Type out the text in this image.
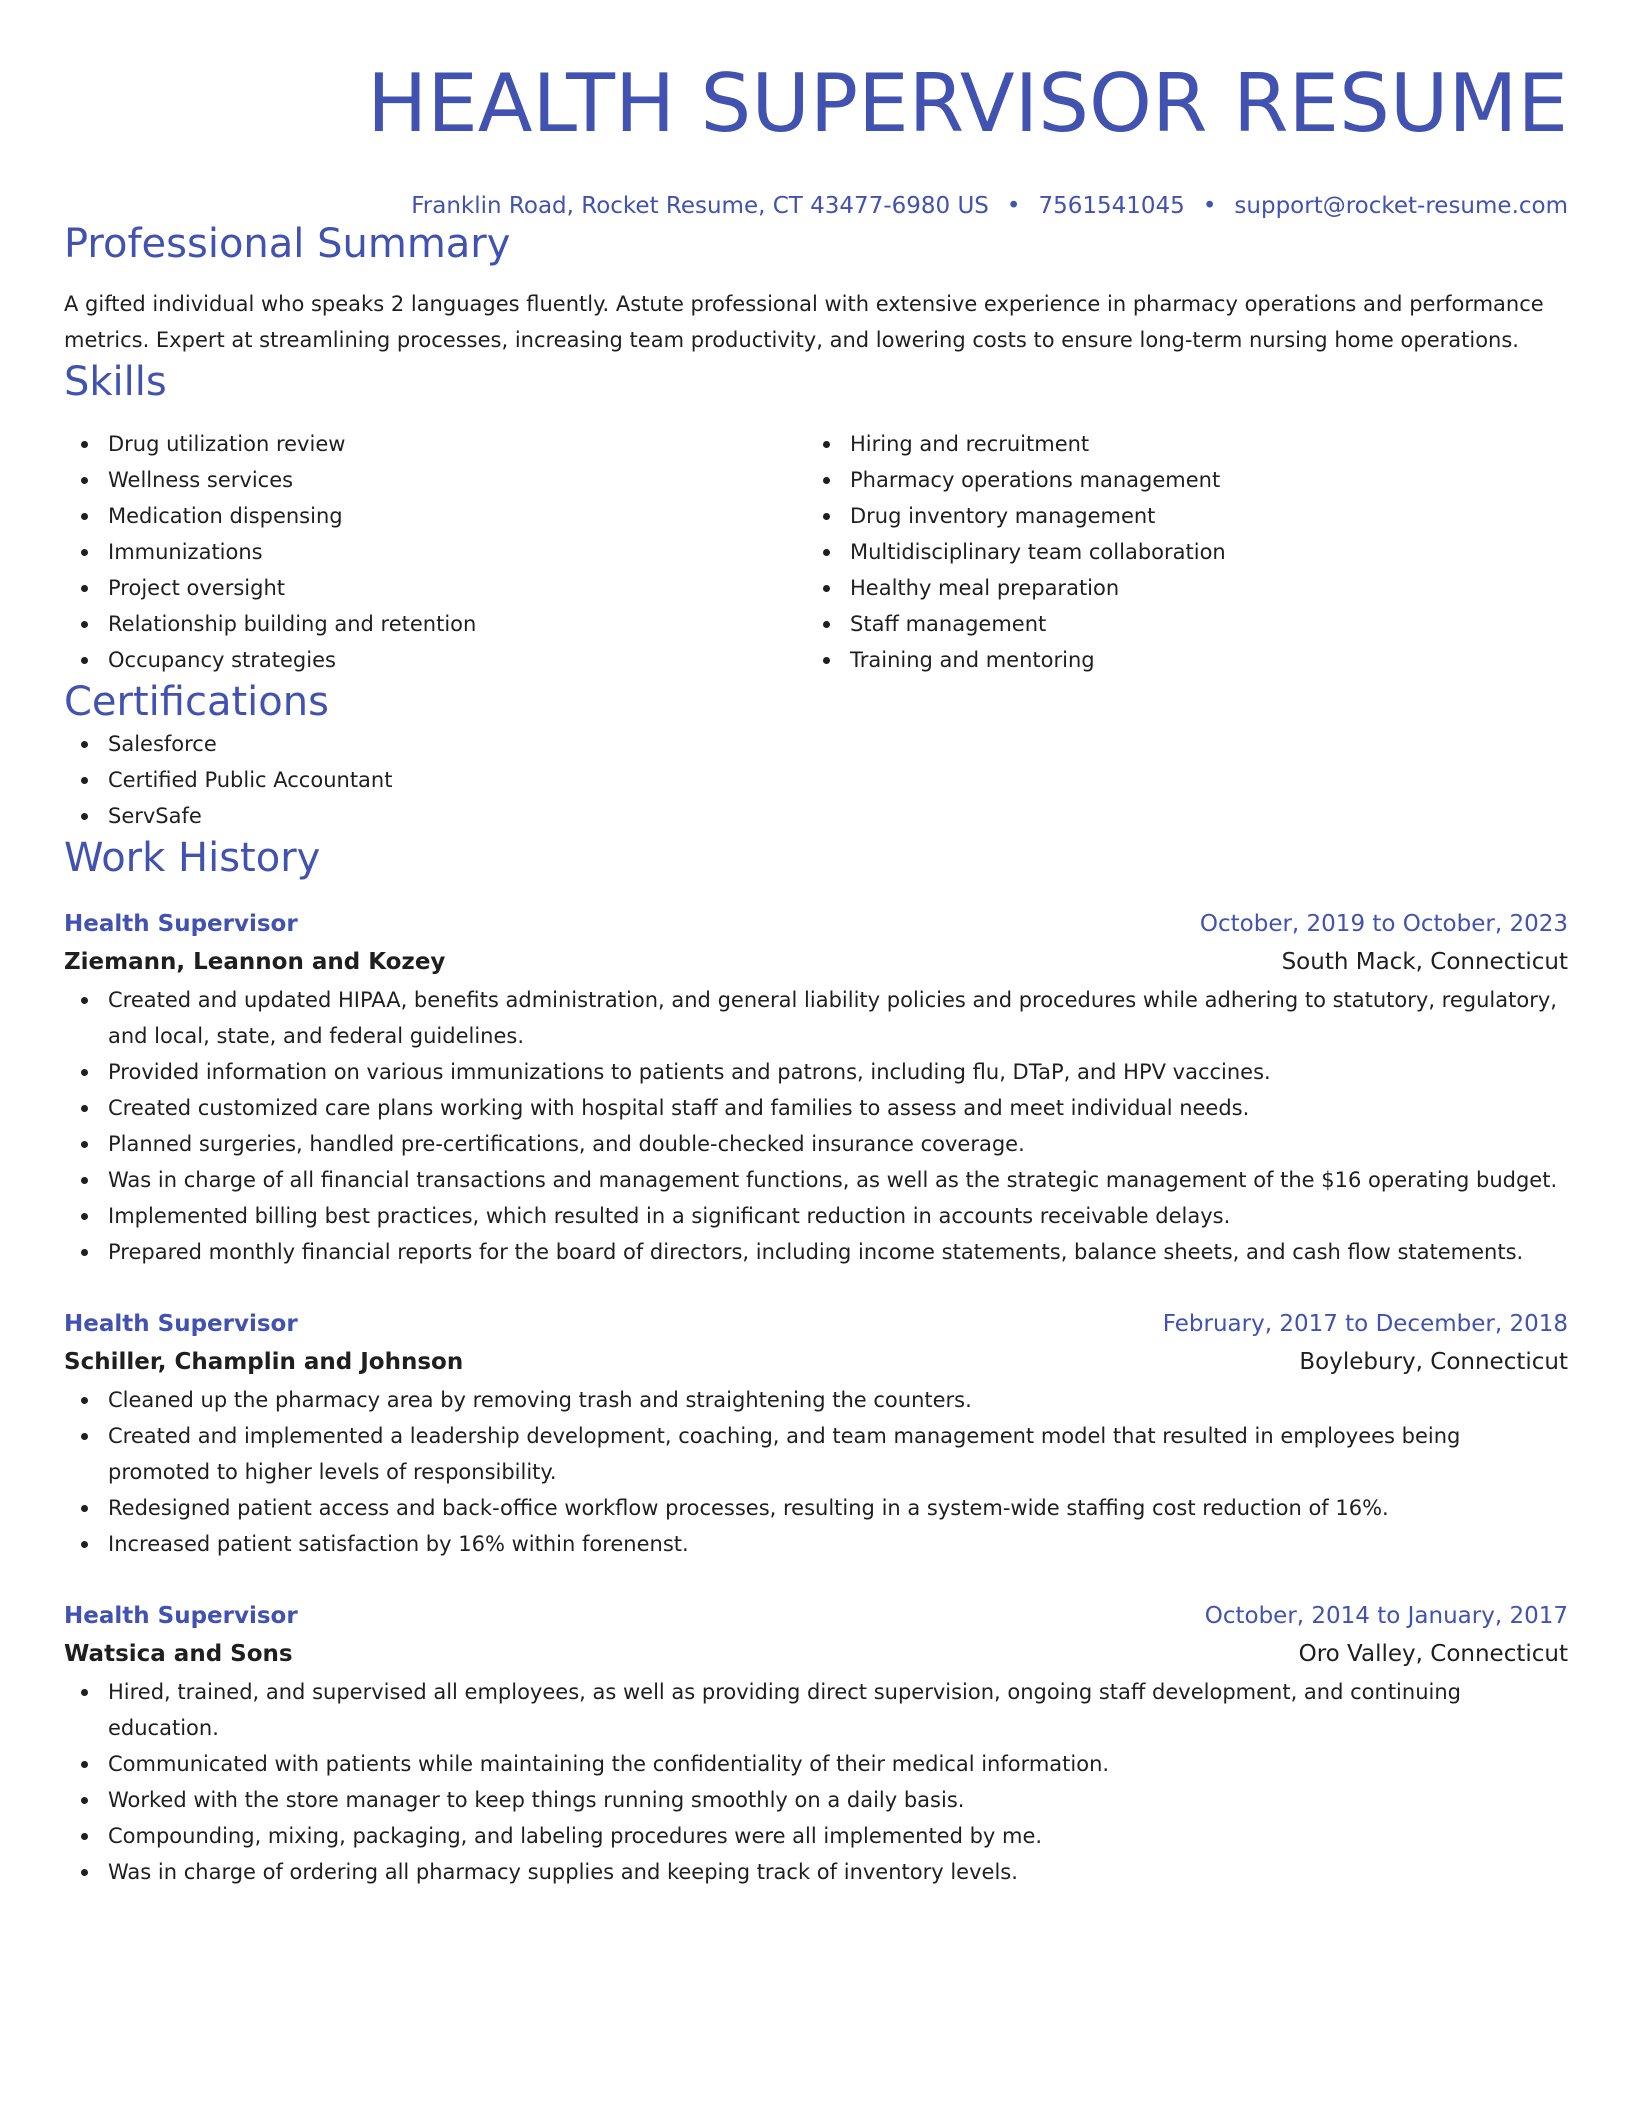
HEALTH SUPERVISOR RESUME
Franklin Road, Rocket Resume, CT 43477-6980 US • 7561541045 • support@rocket-resume.com
Professional Summary

A gifted individual who speaks 2 languages fluently. Astute professional with extensive experience in pharmacy operations and performance metrics. Expert at streamlining processes, increasing team productivity, and lowering costs to ensure long-term nursing home operations.

Skills
Drug utilization review
Wellness services
Medication dispensing
Immunizations
Project oversight
Relationship building and retention
Occupancy strategies
Hiring and recruitment
Pharmacy operations management
Drug inventory management
Multidisciplinary team collaboration
Healthy meal preparation
Staff management
Training and mentoring
Certifications
Salesforce
Certified Public Accountant
ServSafe
Work History
Health Supervisor	October, 2019 to October, 2023
Ziemann, Leannon and Kozey	South Mack, Connecticut
Created and updated HIPAA, benefits administration, and general liability policies and procedures while adhering to statutory, regulatory, and local, state, and federal guidelines.
Provided information on various immunizations to patients and patrons, including flu, DTaP, and HPV vaccines.
Created customized care plans working with hospital staff and families to assess and meet individual needs.
Planned surgeries, handled pre-certifications, and double-checked insurance coverage.
Was in charge of all financial transactions and management functions, as well as the strategic management of the $16 operating budget.
Implemented billing best practices, which resulted in a significant reduction in accounts receivable delays.
Prepared monthly financial reports for the board of directors, including income statements, balance sheets, and cash flow statements.
Health Supervisor	February, 2017 to December, 2018
Schiller, Champlin and Johnson	Boylebury, Connecticut
Cleaned up the pharmacy area by removing trash and straightening the counters.
Created and implemented a leadership development, coaching, and team management model that resulted in employees being promoted to higher levels of responsibility.
Redesigned patient access and back-office workflow processes, resulting in a system-wide staffing cost reduction of 16%.
Increased patient satisfaction by 16% within forenenst.
Health Supervisor	October, 2014 to January, 2017
Watsica and Sons	Oro Valley, Connecticut
Hired, trained, and supervised all employees, as well as providing direct supervision, ongoing staff development, and continuing education.
Communicated with patients while maintaining the confidentiality of their medical information.
Worked with the store manager to keep things running smoothly on a daily basis.
Compounding, mixing, packaging, and labeling procedures were all implemented by me.
Was in charge of ordering all pharmacy supplies and keeping track of inventory levels.
